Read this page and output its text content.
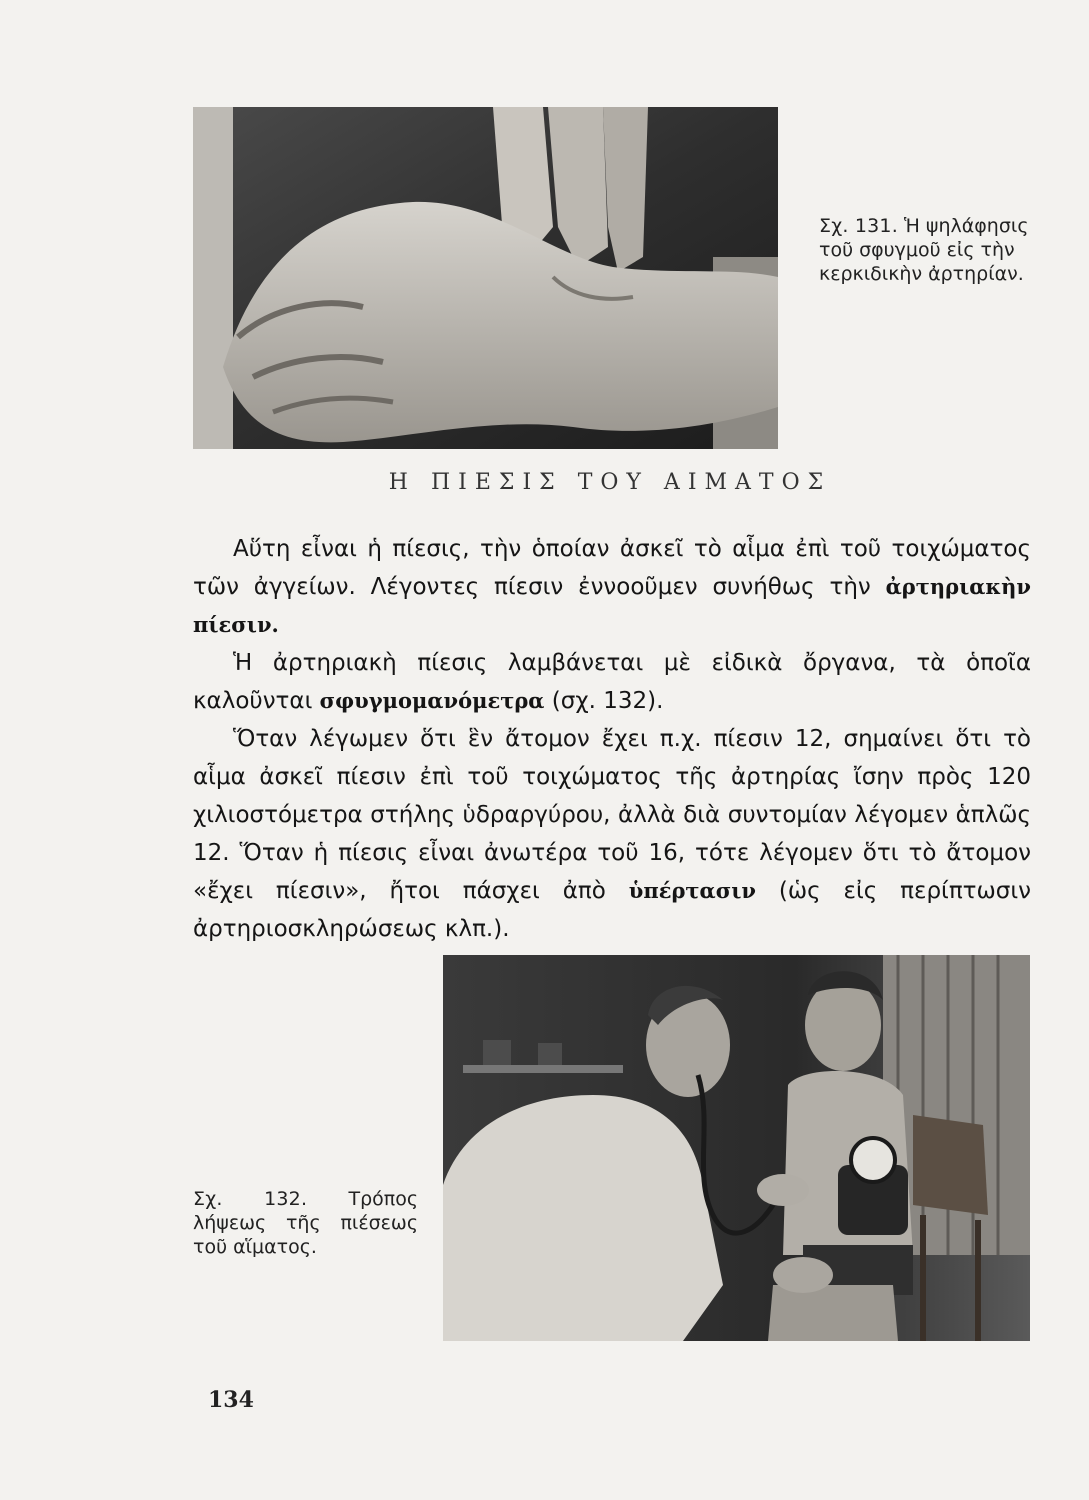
Σχ. 131. Ἡ ψηλάφησις τοῦ σφυγμοῦ εἰς τὴν κερκιδικὴν ἀρτηρίαν.
Η ΠΙΕΣΙΣ ΤΟΥ ΑΙΜΑΤΟΣ

Αὕτη εἶναι ἡ πίεσις, τὴν ὁποίαν ἀσκεῖ τὸ αἷμα ἐπὶ τοῦ τοιχώματος τῶν ἀγγείων. Λέγοντες πίεσιν ἐννοοῦμεν συνήθως τὴν ἀρτηριακὴν πίεσιν.

Ἡ ἀρτηριακὴ πίεσις λαμβάνεται μὲ εἰδικὰ ὄργανα, τὰ ὁποῖα καλοῦνται σφυγμομανόμετρα (σχ. 132).

Ὅταν λέγωμεν ὅτι ἓν ἄτομον ἔχει π.χ. πίεσιν 12, σημαίνει ὅτι τὸ αἷμα ἀσκεῖ πίεσιν ἐπὶ τοῦ τοιχώματος τῆς ἀρτηρίας ἴσην πρὸς 120 χιλιοστόμετρα στήλης ὑδραργύρου, ἀλλὰ διὰ συντομίαν λέγομεν ἁπλῶς 12. Ὅταν ἡ πίεσις εἶναι ἀνωτέρα τοῦ 16, τότε λέγομεν ὅτι τὸ ἄτομον «ἔχει πίεσιν», ἤτοι πάσχει ἀπὸ ὑπέρτασιν (ὡς εἰς περίπτωσιν ἀρτηριοσκληρώσεως κλπ.).

Σχ. 132. Τρόπος λήψεως τῆς πιέσεως τοῦ αἵματος.
134
